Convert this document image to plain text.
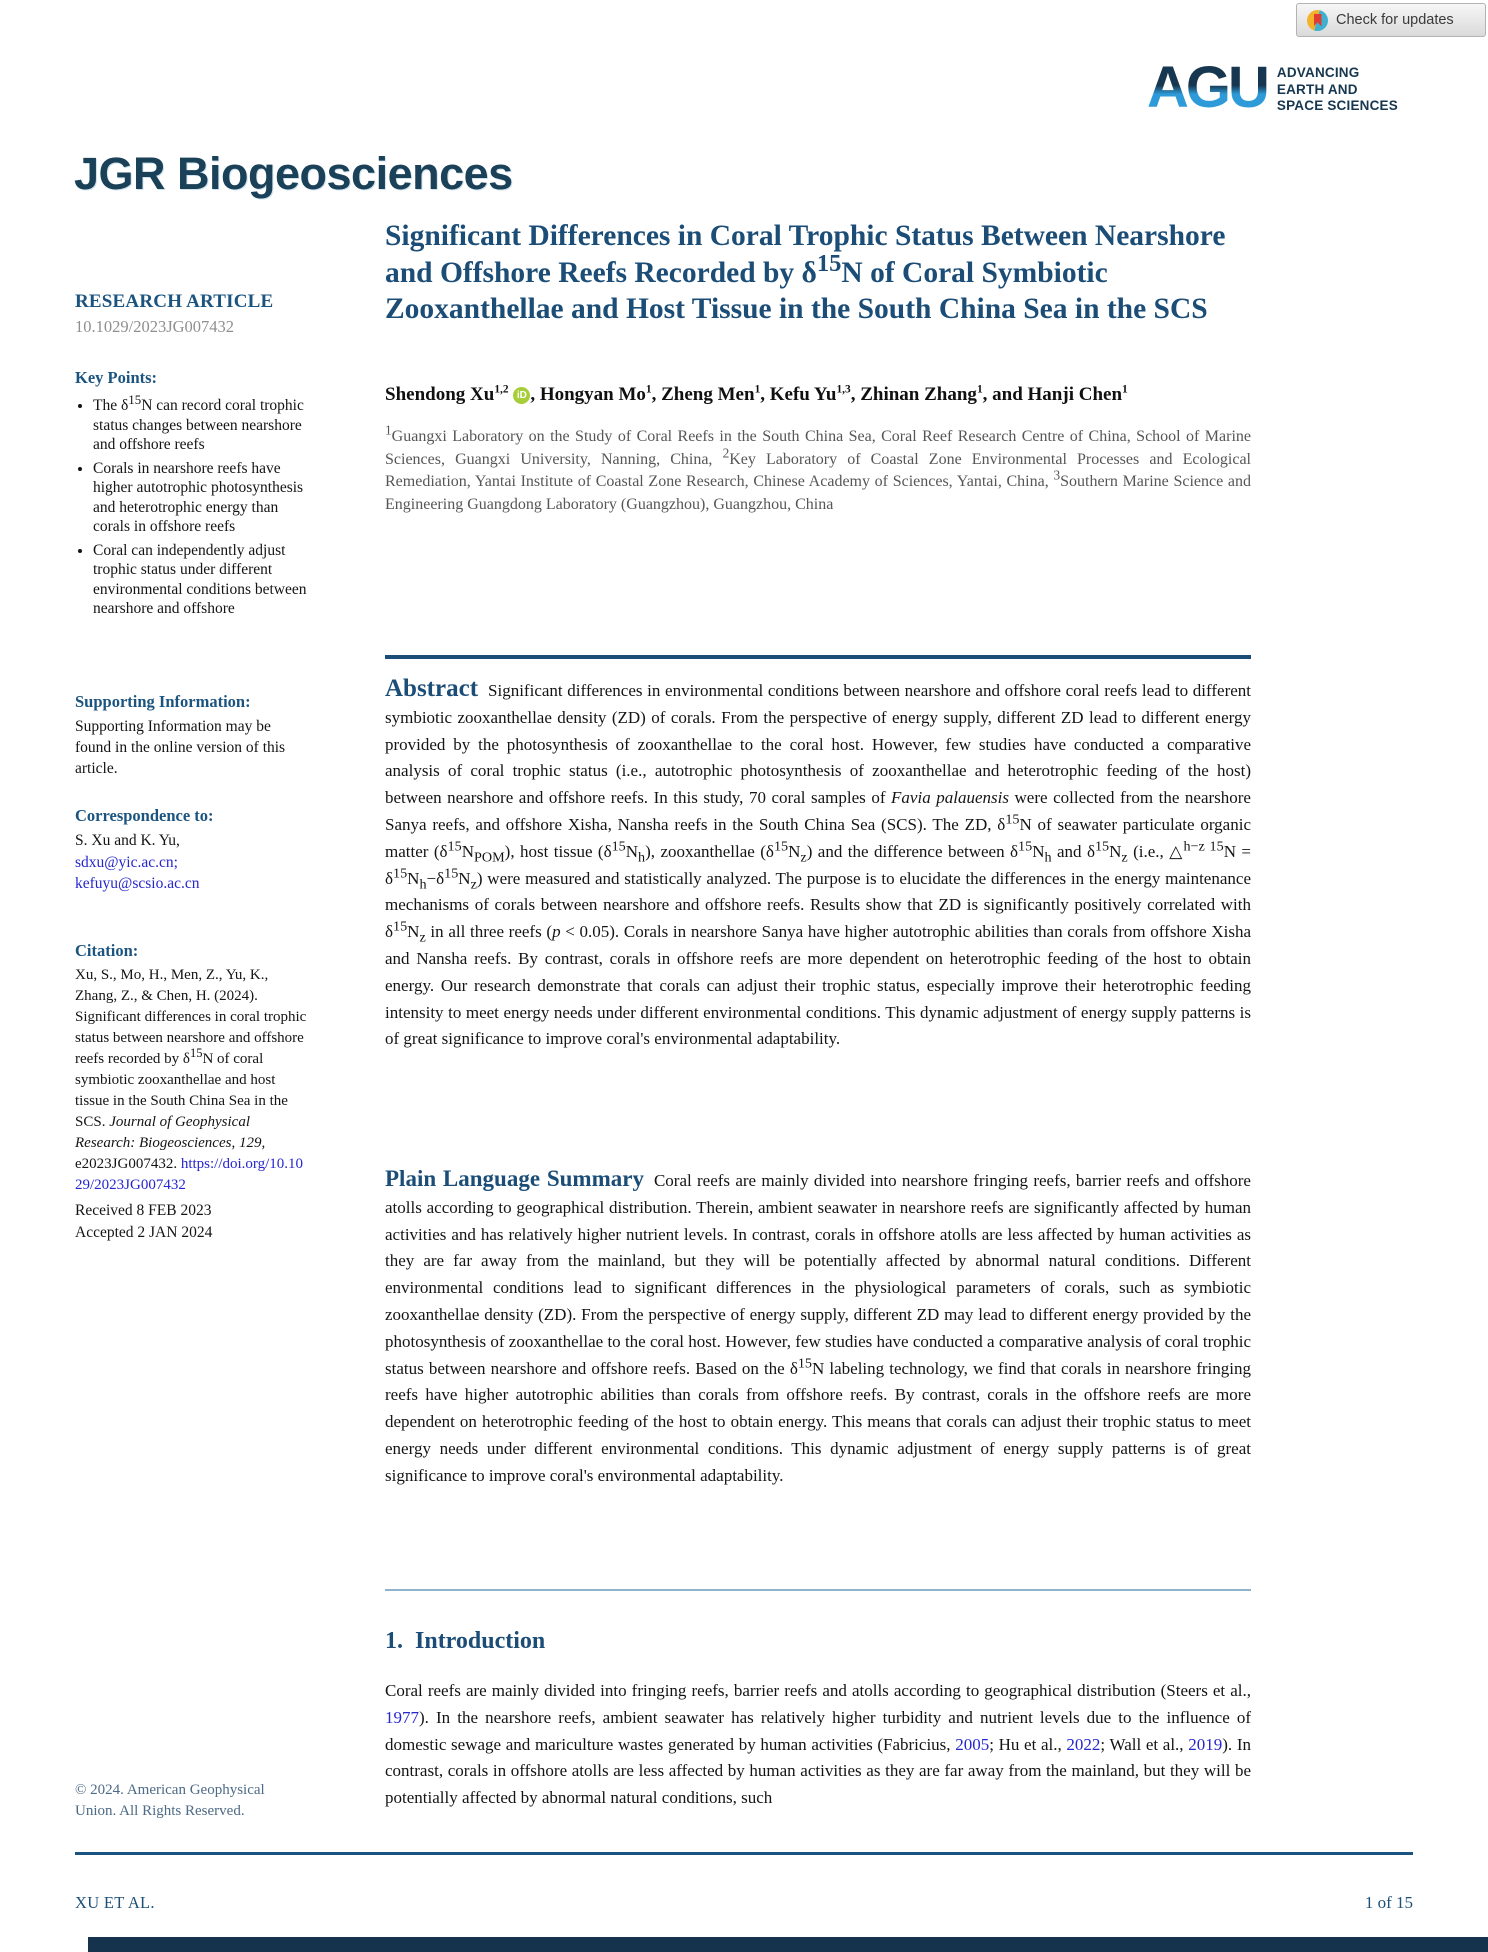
Check for updates
AGU ADVANCING
EARTH AND
SPACE SCIENCES
JGR Biogeosciences
RESEARCH ARTICLE
10.1029/2023JG007432

Key Points:

• The $\delta^{15}N$ can record coral trophic status changes between nearshore and offshore reefs
• Corals in nearshore reefs have higher autotrophic photosynthesis and heterotrophic energy than corals in offshore reefs
• Coral can independently adjust trophic status under different environmental conditions between nearshore and offshore

Supporting Information:

Supporting Information may be found in the online version of this article.

Correspondence to:

S. Xu and K. Yu,
sdxu@yic.ac.cn;
kefuyu@scsio.ac.cn

Citation:

Xu, S., Mo, H., Men, Z., Yu, K., Zhang, Z., & Chen, H. (2024). Significant differences in coral trophic status between nearshore and offshore reefs recorded by $\delta^{15}N$ of coral symbiotic zooxanthellae and host tissue in the South China Sea in the SCS. Journal of Geophysical Research: Biogeosciences, 129, e2023JG007432. https://doi.org/10.1029/2023JG007432

Received 8 FEB 2023
Accepted 2 JAN 2024
© 2024. American Geophysical Union. All Rights Reserved.
Significant Differences in Coral Trophic Status Between Nearshore and Offshore Reefs Recorded by $\delta^{15}N$ of Coral Symbiotic Zooxanthellae and Host Tissue in the South China Sea in the SCS
Shendong Xu$^{1,2}$ iD , Hongyan Mo$^1$, Zheng Men$^1$, Kefu Yu$^{1,3}$, Zhinan Zhang$^1$, and Hanji Chen$^1$
$^1$Guangxi Laboratory on the Study of Coral Reefs in the South China Sea, Coral Reef Research Centre of China, School of Marine Sciences, Guangxi University, Nanning, China, $^2$Key Laboratory of Coastal Zone Environmental Processes and Ecological Remediation, Yantai Institute of Coastal Zone Research, Chinese Academy of Sciences, Yantai, China, $^3$Southern Marine Science and Engineering Guangdong Laboratory (Guangzhou), Guangzhou, China

Abstract Significant differences in environmental conditions between nearshore and offshore coral reefs lead to different symbiotic zooxanthellae density (ZD) of corals. From the perspective of energy supply, different ZD lead to different energy provided by the photosynthesis of zooxanthellae to the coral host. However, few studies have conducted a comparative analysis of coral trophic status (i.e., autotrophic photosynthesis of zooxanthellae and heterotrophic feeding of the host) between nearshore and offshore reefs. In this study, 70 coral samples of Favia palauensis were collected from the nearshore Sanya reefs, and offshore Xisha, Nansha reefs in the South China Sea (SCS). The ZD, $\delta^{15}N$ of seawater particulate organic matter $(\delta^{15}N_{POM})$, host tissue $(\delta^{15}N_h)$, zooxanthellae $(\delta^{15}N_z)$ and the difference between $\delta^{15}N_h$ and $\delta^{15}N_z$ (i.e., △$^{h-z 15}$N = $\delta^{15}N_h-\delta^{15}N_z$) were measured and statistically analyzed. The purpose is to elucidate the differences in the energy maintenance mechanisms of corals between nearshore and offshore reefs. Results show that ZD is significantly positively correlated with $\delta^{15}N_z$ in all three reefs (p < 0.05). Corals in nearshore Sanya have higher autotrophic abilities than corals from offshore Xisha and Nansha reefs. By contrast, corals in offshore reefs are more dependent on heterotrophic feeding of the host to obtain energy. Our research demonstrate that corals can adjust their trophic status, especially improve their heterotrophic feeding intensity to meet energy needs under different environmental conditions. This dynamic adjustment of energy supply patterns is of great significance to improve coral's environmental adaptability.

Plain Language Summary Coral reefs are mainly divided into nearshore fringing reefs, barrier reefs and offshore atolls according to geographical distribution. Therein, ambient seawater in nearshore reefs are significantly affected by human activities and has relatively higher nutrient levels. In contrast, corals in offshore atolls are less affected by human activities as they are far away from the mainland, but they will be potentially affected by abnormal natural conditions. Different environmental conditions lead to significant differences in the physiological parameters of corals, such as symbiotic zooxanthellae density (ZD). From the perspective of energy supply, different ZD may lead to different energy provided by the photosynthesis of zooxanthellae to the coral host. However, few studies have conducted a comparative analysis of coral trophic status between nearshore and offshore reefs. Based on the $\delta^{15}N$ labeling technology, we find that corals in nearshore fringing reefs have higher autotrophic abilities than corals from offshore reefs. By contrast, corals in the offshore reefs are more dependent on heterotrophic feeding of the host to obtain energy. This means that corals can adjust their trophic status to meet energy needs under different environmental conditions. This dynamic adjustment of energy supply patterns is of great significance to improve coral's environmental adaptability.

1. Introduction

Coral reefs are mainly divided into fringing reefs, barrier reefs and atolls according to geographical distribution (Steers et al., 1977). In the nearshore reefs, ambient seawater has relatively higher turbidity and nutrient levels due to the influence of domestic sewage and mariculture wastes generated by human activities (Fabricius, 2005; Hu et al., 2022; Wall et al., 2019). In contrast, corals in offshore atolls are less affected by human activities as they are far away from the mainland, but they will be potentially affected by abnormal natural conditions, such

XU ET AL.	1 of 15
